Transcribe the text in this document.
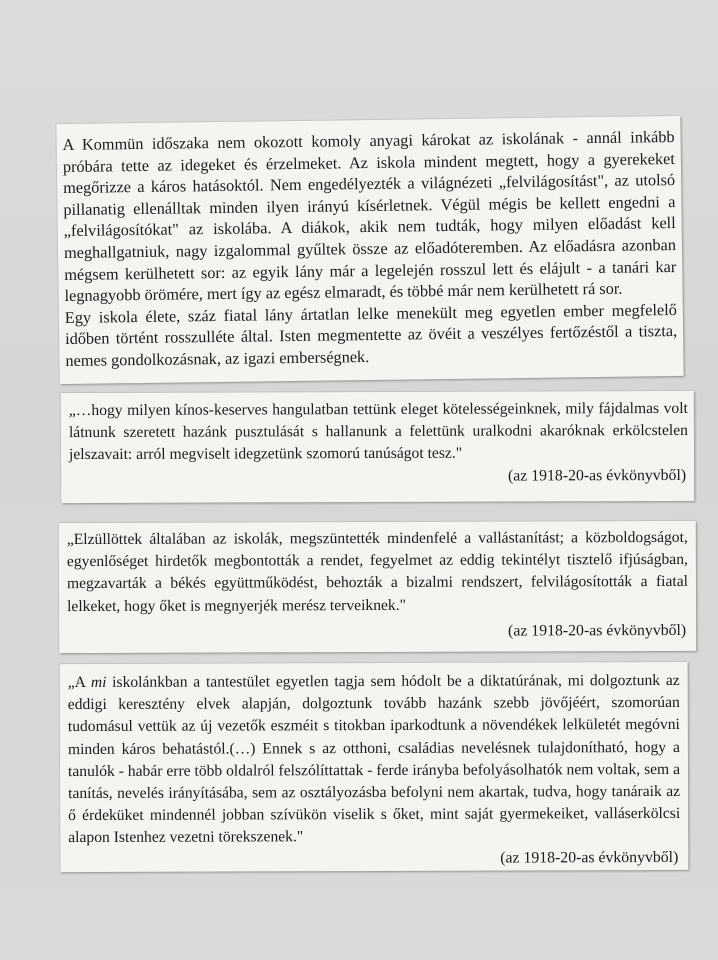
A Kommün időszaka nem okozott komoly anyagi károkat az iskolának - annál inkább próbára tette az idegeket és érzelmeket. Az iskola mindent megtett, hogy a gyerekeket megőrizze a káros hatásoktól. Nem engedélyezték a világnézeti „felvilágosítást", az utolsó pillanatig ellenálltak minden ilyen irányú kísérletnek. Végül mégis be kellett engedni a „felvilágosítókat" az iskolába. A diákok, akik nem tudták, hogy milyen előadást kell meghallgatniuk, nagy izgalommal gyűltek össze az előadóteremben. Az előadásra azonban mégsem kerülhetett sor: az egyik lány már a legelején rosszul lett és elájult - a tanári kar legnagyobb örömére, mert így az egész elmaradt, és többé már nem kerülhetett rá sor.

Egy iskola élete, száz fiatal lány ártatlan lelke menekült meg egyetlen ember megfelelő időben történt rosszulléte által. Isten megmentette az övéit a veszélyes fertőzéstől a tiszta, nemes gondolkozásnak, az igazi emberségnek.

„…hogy milyen kínos-keserves hangulatban tettünk eleget kötelességeinknek, mily fájdalmas volt látnunk szeretett hazánk pusztulását s hallanunk a felettünk uralkodni akaróknak erkölcstelen jelszavait: arról megviselt idegzetünk szomorú tanúságot tesz."

(az 1918-20-as évkönyvből)

„Elzüllöttek általában az iskolák, megszüntették mindenfelé a vallástanítást; a közboldogságot, egyenlőséget hirdetők megbontották a rendet, fegyelmet az eddig tekintélyt tisztelő ifjúságban, megzavarták a békés együttműködést, behozták a bizalmi rendszert, felvilágosították a fiatal lelkeket, hogy őket is megnyerjék merész terveiknek."

(az 1918-20-as évkönyvből)

„A mi iskolánkban a tantestület egyetlen tagja sem hódolt be a diktatúrának, mi dolgoztunk az eddigi keresztény elvek alapján, dolgoztunk tovább hazánk szebb jövőjéért, szomorúan tudomásul vettük az új vezetők eszméit s titokban iparkodtunk a növendékek lelkületét megóvni minden káros behatástól.(…) Ennek s az otthoni, családias nevelésnek tulajdonítható, hogy a tanulók - habár erre több oldalról felszólíttattak - ferde irányba befolyásolhatók nem voltak, sem a tanítás, nevelés irányításába, sem az osztályozásba befolyni nem akartak, tudva, hogy tanáraik az ő érdeküket mindennél jobban szívükön viselik s őket, mint saját gyermekeiket, valláserkölcsi alapon Istenhez vezetni törekszenek."

(az 1918-20-as évkönyvből)
